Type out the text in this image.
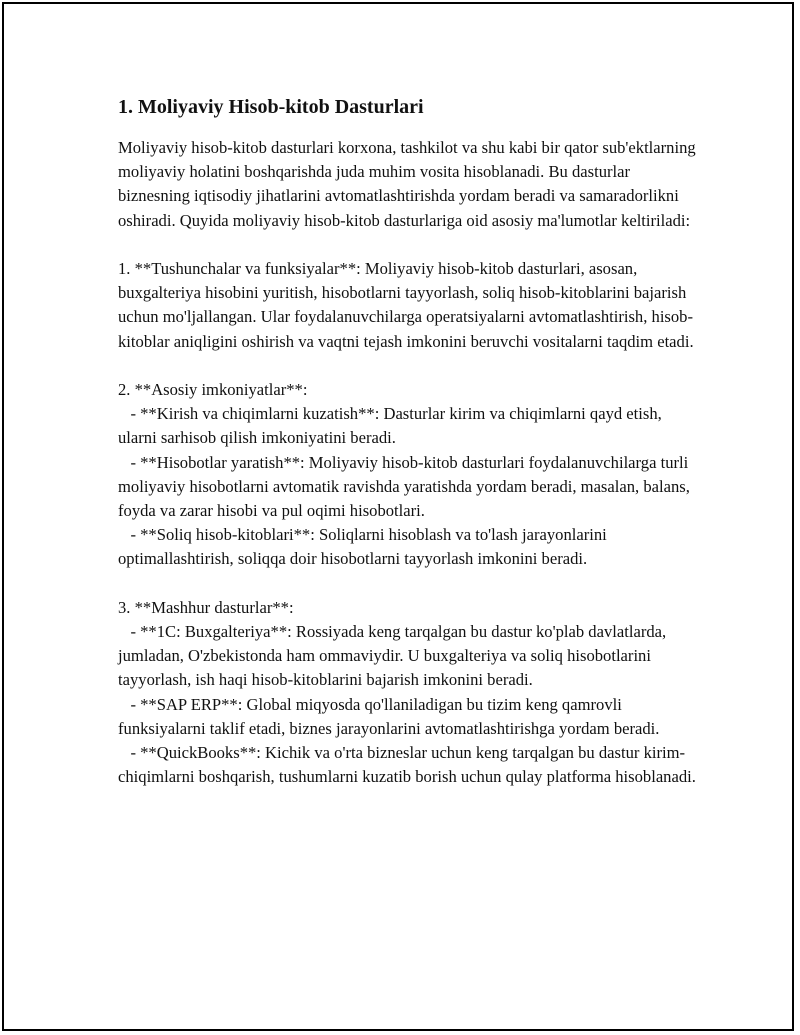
1. Moliyaviy Hisob-kitob Dasturlari

Moliyaviy hisob-kitob dasturlari korxona, tashkilot va shu kabi bir qator sub'ektlarning moliyaviy holatini boshqarishda juda muhim vosita hisoblanadi. Bu dasturlar biznesning iqtisodiy jihatlarini avtomatlashtirishda yordam beradi va samaradorlikni oshiradi. Quyida moliyaviy hisob-kitob dasturlariga oid asosiy ma'lumotlar keltiriladi:

1. **Tushunchalar va funksiyalar**: Moliyaviy hisob-kitob dasturlari, asosan, buxgalteriya hisobini yuritish, hisobotlarni tayyorlash, soliq hisob-kitoblarini bajarish uchun mo'ljallangan. Ular foydalanuvchilarga operatsiyalarni avtomatlashtirish, hisob-kitoblar aniqligini oshirish va vaqtni tejash imkonini beruvchi vositalarni taqdim etadi.

2. **Asosiy imkoniyatlar**:

- **Kirish va chiqimlarni kuzatish**: Dasturlar kirim va chiqimlarni qayd etish, ularni sarhisob qilish imkoniyatini beradi.

- **Hisobotlar yaratish**: Moliyaviy hisob-kitob dasturlari foydalanuvchilarga turli moliyaviy hisobotlarni avtomatik ravishda yaratishda yordam beradi, masalan, balans, foyda va zarar hisobi va pul oqimi hisobotlari.

- **Soliq hisob-kitoblari**: Soliqlarni hisoblash va to'lash jarayonlarini optimallashtirish, soliqqa doir hisobotlarni tayyorlash imkonini beradi.

3. **Mashhur dasturlar**:

- **1C: Buxgalteriya**: Rossiyada keng tarqalgan bu dastur ko'plab davlatlarda, jumladan, O'zbekistonda ham ommaviydir. U buxgalteriya va soliq hisobotlarini tayyorlash, ish haqi hisob-kitoblarini bajarish imkonini beradi.

- **SAP ERP**: Global miqyosda qo'llaniladigan bu tizim keng qamrovli funksiyalarni taklif etadi, biznes jarayonlarini avtomatlashtirishga yordam beradi.

- **QuickBooks**: Kichik va o'rta bizneslar uchun keng tarqalgan bu dastur kirim-chiqimlarni boshqarish, tushumlarni kuzatib borish uchun qulay platforma hisoblanadi.
